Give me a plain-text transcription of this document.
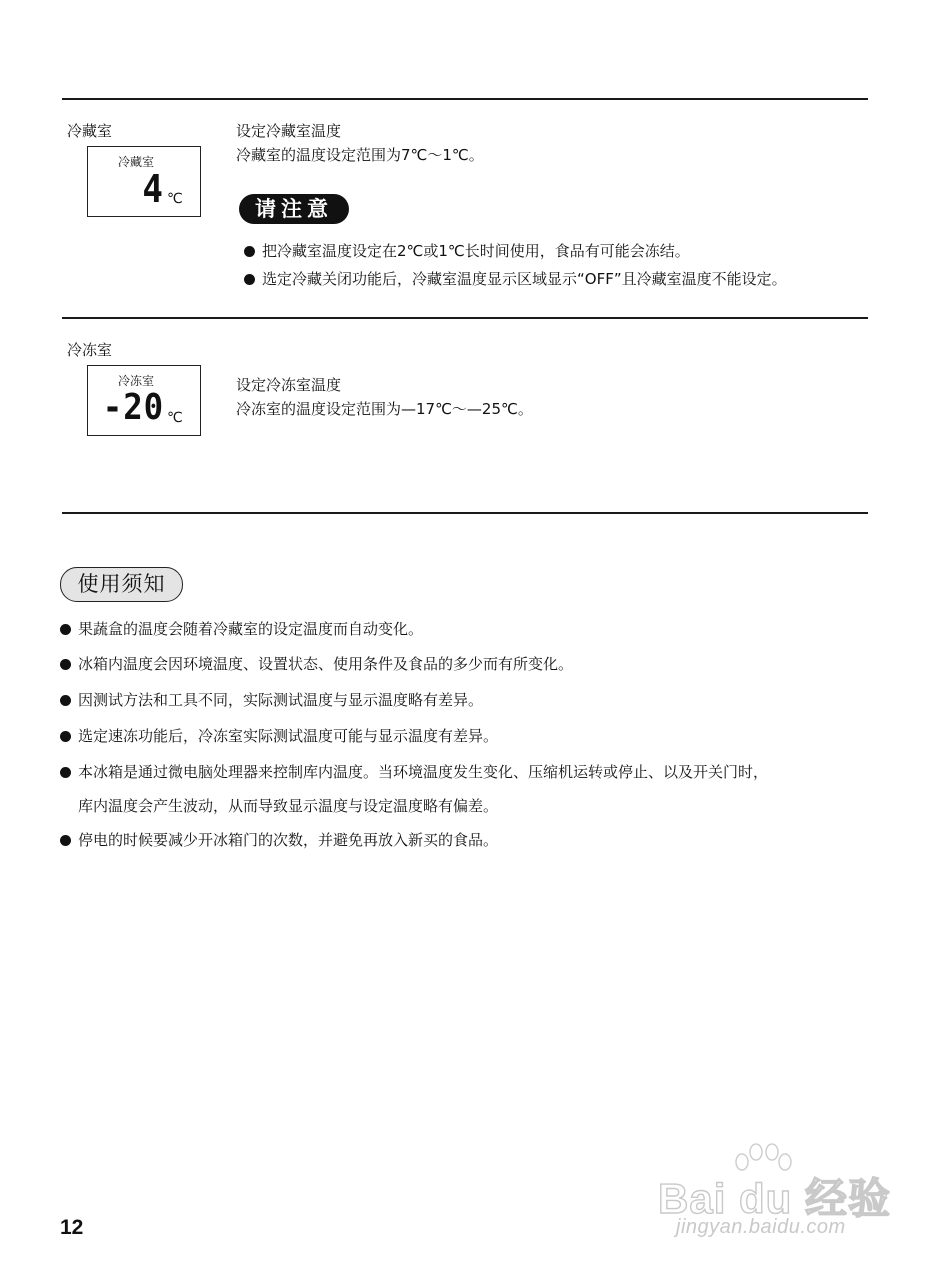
冷藏室
冷藏室
4 ℃
设定冷藏室温度
冷藏室的温度设定范围为7℃～1℃。
请注意
把冷藏室温度设定在2℃或1℃长时间使用，食品有可能会冻结。
选定冷藏关闭功能后，冷藏室温度显示区域显示“OFF”且冷藏室温度不能设定。
冷冻室
冷冻室
-20 ℃
设定冷冻室温度
冷冻室的温度设定范围为—17℃～—25℃。
使用须知
果蔬盒的温度会随着冷藏室的设定温度而自动变化。
冰箱内温度会因环境温度、设置状态、使用条件及食品的多少而有所变化。
因测试方法和工具不同，实际测试温度与显示温度略有差异。
选定速冻功能后，冷冻室实际测试温度可能与显示温度有差异。
本冰箱是通过微电脑处理器来控制库内温度。当环境温度发生变化、压缩机运转或停止、以及开关门时，
库内温度会产生波动，从而导致显示温度与设定温度略有偏差。
停电的时候要减少开冰箱门的次数，并避免再放入新买的食品。
12
Bai du 经验
jingyan.baidu.com
